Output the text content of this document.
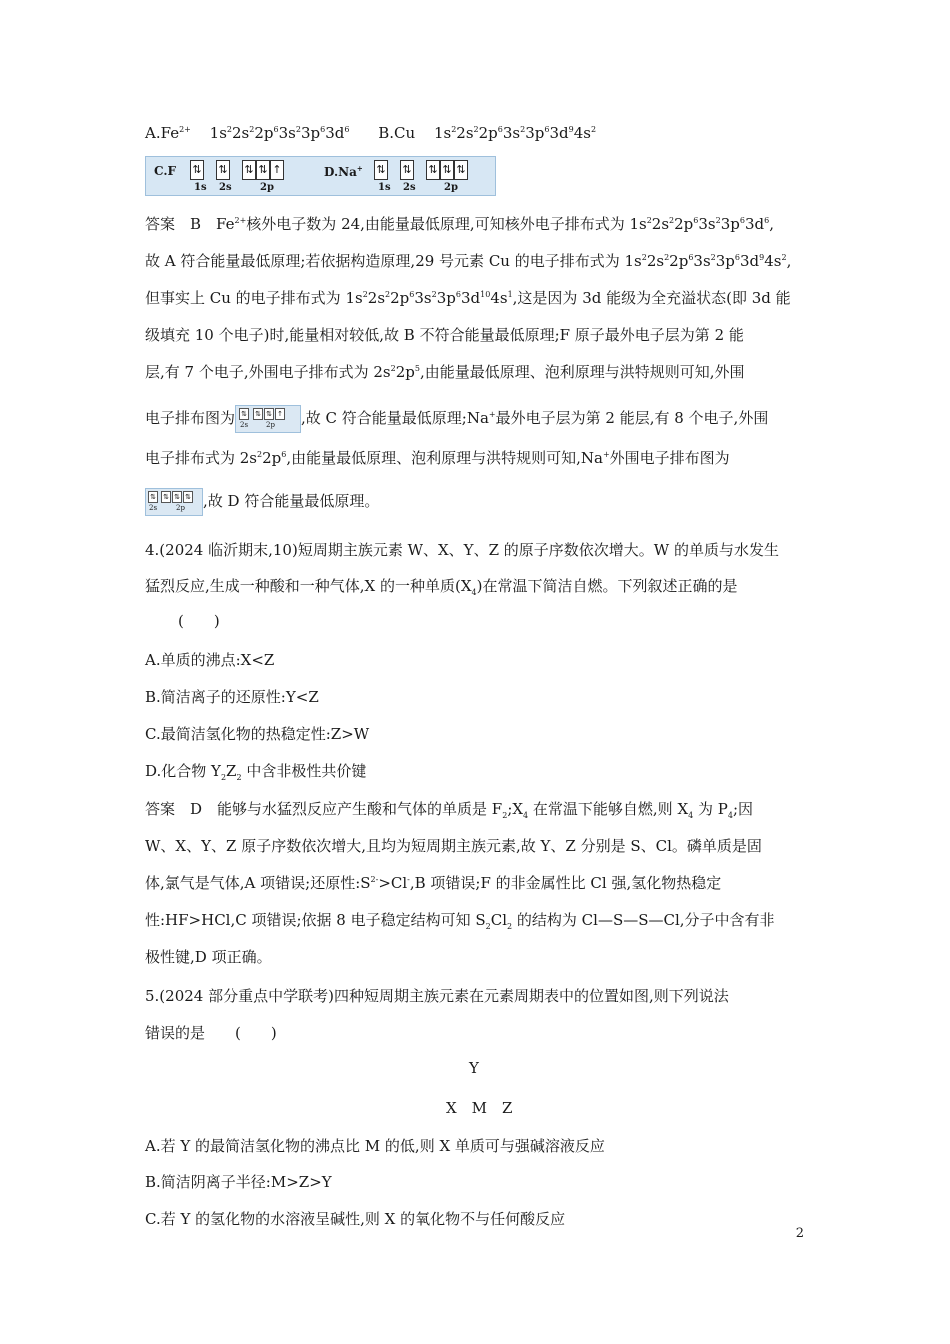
$A.Fe^{2+}$ $1s^22s^22p^63s^23p^63d^6$ B.Cu $1s^22s^22p^63s^23p^63d^94s^2$
C.F ⇅ ⇅ ⇅ ⇅ ↑
1s 2s	2p
D.Na+ ⇅ ⇅ ⇅ ⇅ ⇅
1s 2s	2p
答案　B　$Fe^{2+}$核外电子数为 24,由能量最低原理,可知核外电子排布式为 $1s^22s^22p^63s^23p^63d^6$,
故 A 符合能量最低原理;若依据构造原理,29 号元素 Cu 的电子排布式为 $1s^22s^22p^63s^23p^63d^94s^2$,
但事实上 Cu 的电子排布式为 $1s^22s^22p^63s^23p^63d^{10}4s^1$,这是因为 3d 能级为全充溢状态(即 3d 能
级填充 10 个电子)时,能量相对较低,故 B 不符合能量最低原理;F 原子最外电子层为第 2 能
层,有 7 个电子,外围电子排布式为 $2s^22p^5$,由能量最低原理、泡利原理与洪特规则可知,外围
电子排布图为 ⇅ ⇅ ⇅ ↑
2s	2p ,故 C 符合能量最低原理;Na+最外电子层为第 2 能层,有 8 个电子,外围
电子排布式为 $2s^22p^6$,由能量最低原理、泡利原理与洪特规则可知,Na+外围电子排布图为
⇅ ⇅ ⇅ ⇅
2s	2p ,故 D 符合能量最低原理。
4.(2024 临沂期末,10)短周期主族元素 W、X、Y、Z 的原子序数依次增大。W 的单质与水发生
猛烈反应,生成一种酸和一种气体,X 的一种单质$(X_4)$在常温下简洁自燃。下列叙述正确的是
(　　)
A.单质的沸点:X<Z
B.简洁离子的还原性:Y<Z
C.最简洁氢化物的热稳定性:Z>W
D.化合物 $Y_2Z_2$ 中含非极性共价键
答案　D　能够与水猛烈反应产生酸和气体的单质是 $F_2;X_4$ 在常温下能够自燃,则 $X_4$ 为 $P_4$;因
W、X、Y、Z 原子序数依次增大,且均为短周期主族元素,故 Y、Z 分别是 S、Cl。磷单质是固
体,氯气是气体,A 项错误;还原性$:S^{2-}>Cl^-,B$ 项错误;F 的非金属性比 Cl 强,氢化物热稳定
性:HF>HCl,C 项错误;依据 8 电子稳定结构可知 $S_2Cl_2$ 的结构为 Cl—S—S—Cl,分子中含有非
极性键,D 项正确。
5.(2024 部分重点中学联考)四种短周期主族元素在元素周期表中的位置如图,则下列说法
错误的是　　(　　)
Y
X　M　Z
A.若 Y 的最简洁氢化物的沸点比 M 的低,则 X 单质可与强碱溶液反应
B.简洁阴离子半径:M>Z>Y
C.若 Y 的氢化物的水溶液呈碱性,则 X 的氧化物不与任何酸反应
2
